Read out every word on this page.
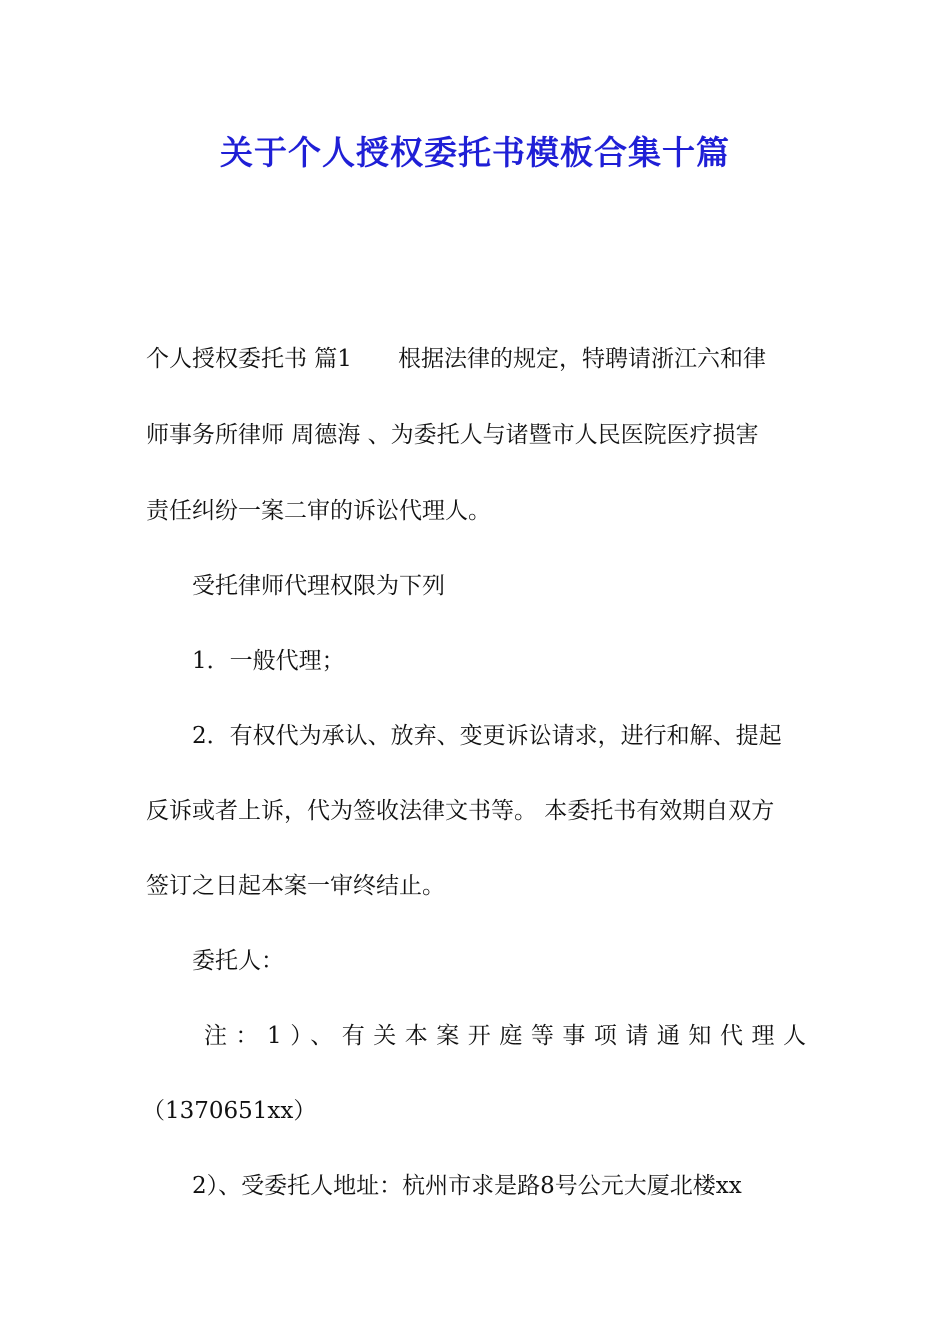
关于个人授权委托书模板合集十篇
个人授权委托书 篇1 根据法律的规定，特聘请浙江六和律
师事务所律师 周德海 、为委托人与诸暨市人民医院医疗损害
责任纠纷一案二审的诉讼代理人。
受托律师代理权限为下列
1．一般代理；
2．有权代为承认、放弃、变更诉讼请求，进行和解、提起
反诉或者上诉，代为签收法律文书等。 本委托书有效期自双方
签订之日起本案一审终结止。
委托人：
注：1）、有关本案开庭等事项请通知代理人
（1370651xx）
2）、受委托人地址：杭州市求是路8号公元大厦北楼xx
